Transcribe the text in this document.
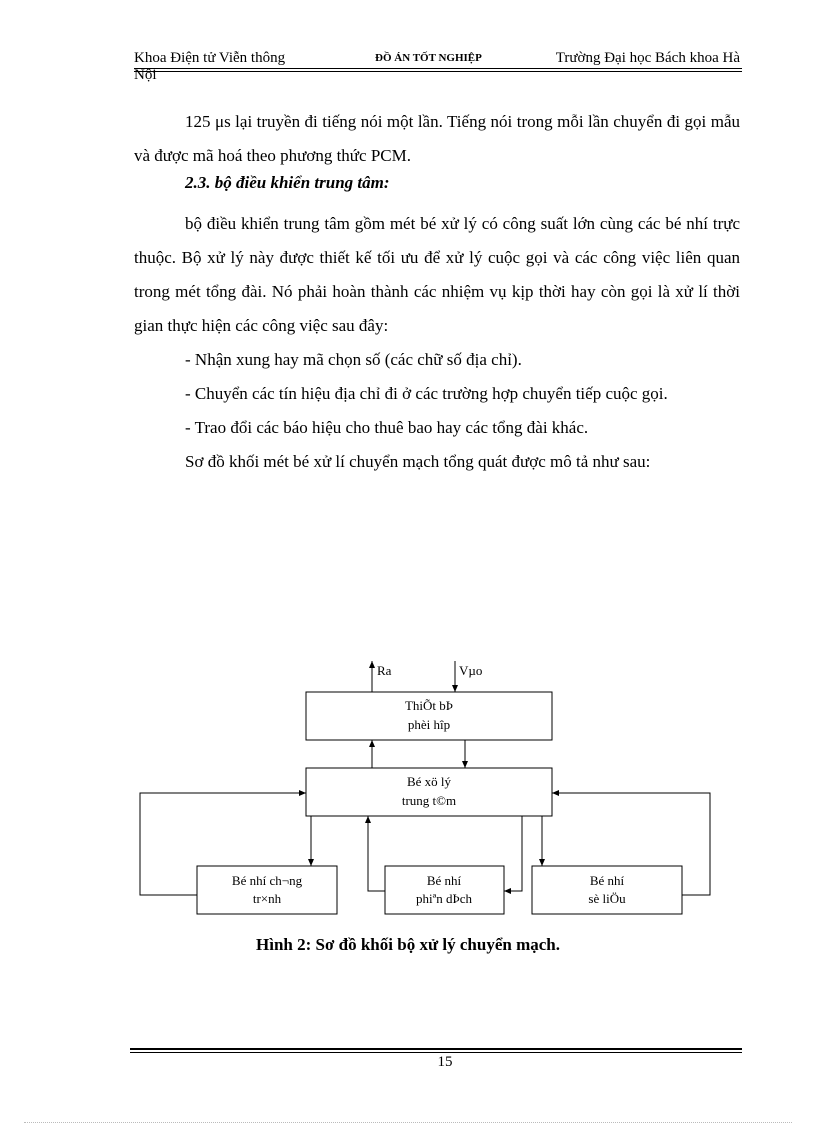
Khoa Điện tử Viễn thông	ĐỒ ÁN TỐT NGHIỆP	Trường Đại học Bách khoa Hà
Nội
125 μs lại truyền đi tiếng nói một lần. Tiếng nói trong mỗi lần chuyển đi gọi mẫu và được mã hoá theo phương thức PCM.
2.3. bộ điều khiển trung tâm:
bộ điều khiển trung tâm gồm mét bé xử lý có công suất lớn cùng các bé nhí trực thuộc. Bộ xử lý này được thiết kế tối ưu để xử lý cuộc gọi và các công việc liên quan trong mét tổng đài. Nó phải hoàn thành các nhiệm vụ kịp thời hay còn gọi là xử lí thời gian thực hiện các công việc sau đây:
- Nhận xung hay mã chọn số (các chữ số địa chỉ).
- Chuyển các tín hiệu địa chỉ đi ở các trường hợp chuyển tiếp cuộc gọi.
- Trao đổi các báo hiệu cho thuê bao hay các tổng đài khác.
Sơ đồ khối mét bé xử lí chuyển mạch tổng quát được mô tả như sau:
Ra	Vµo
ThiÕt bÞ
phèi hîp
Bé xö lý
trung t©m
Bé nhí ch¬ng
tr×nh
Bé nhí
phiªn dÞch
Bé nhí
sè liÖu
Hình 2: Sơ đồ khối bộ xử lý chuyển mạch.
15
